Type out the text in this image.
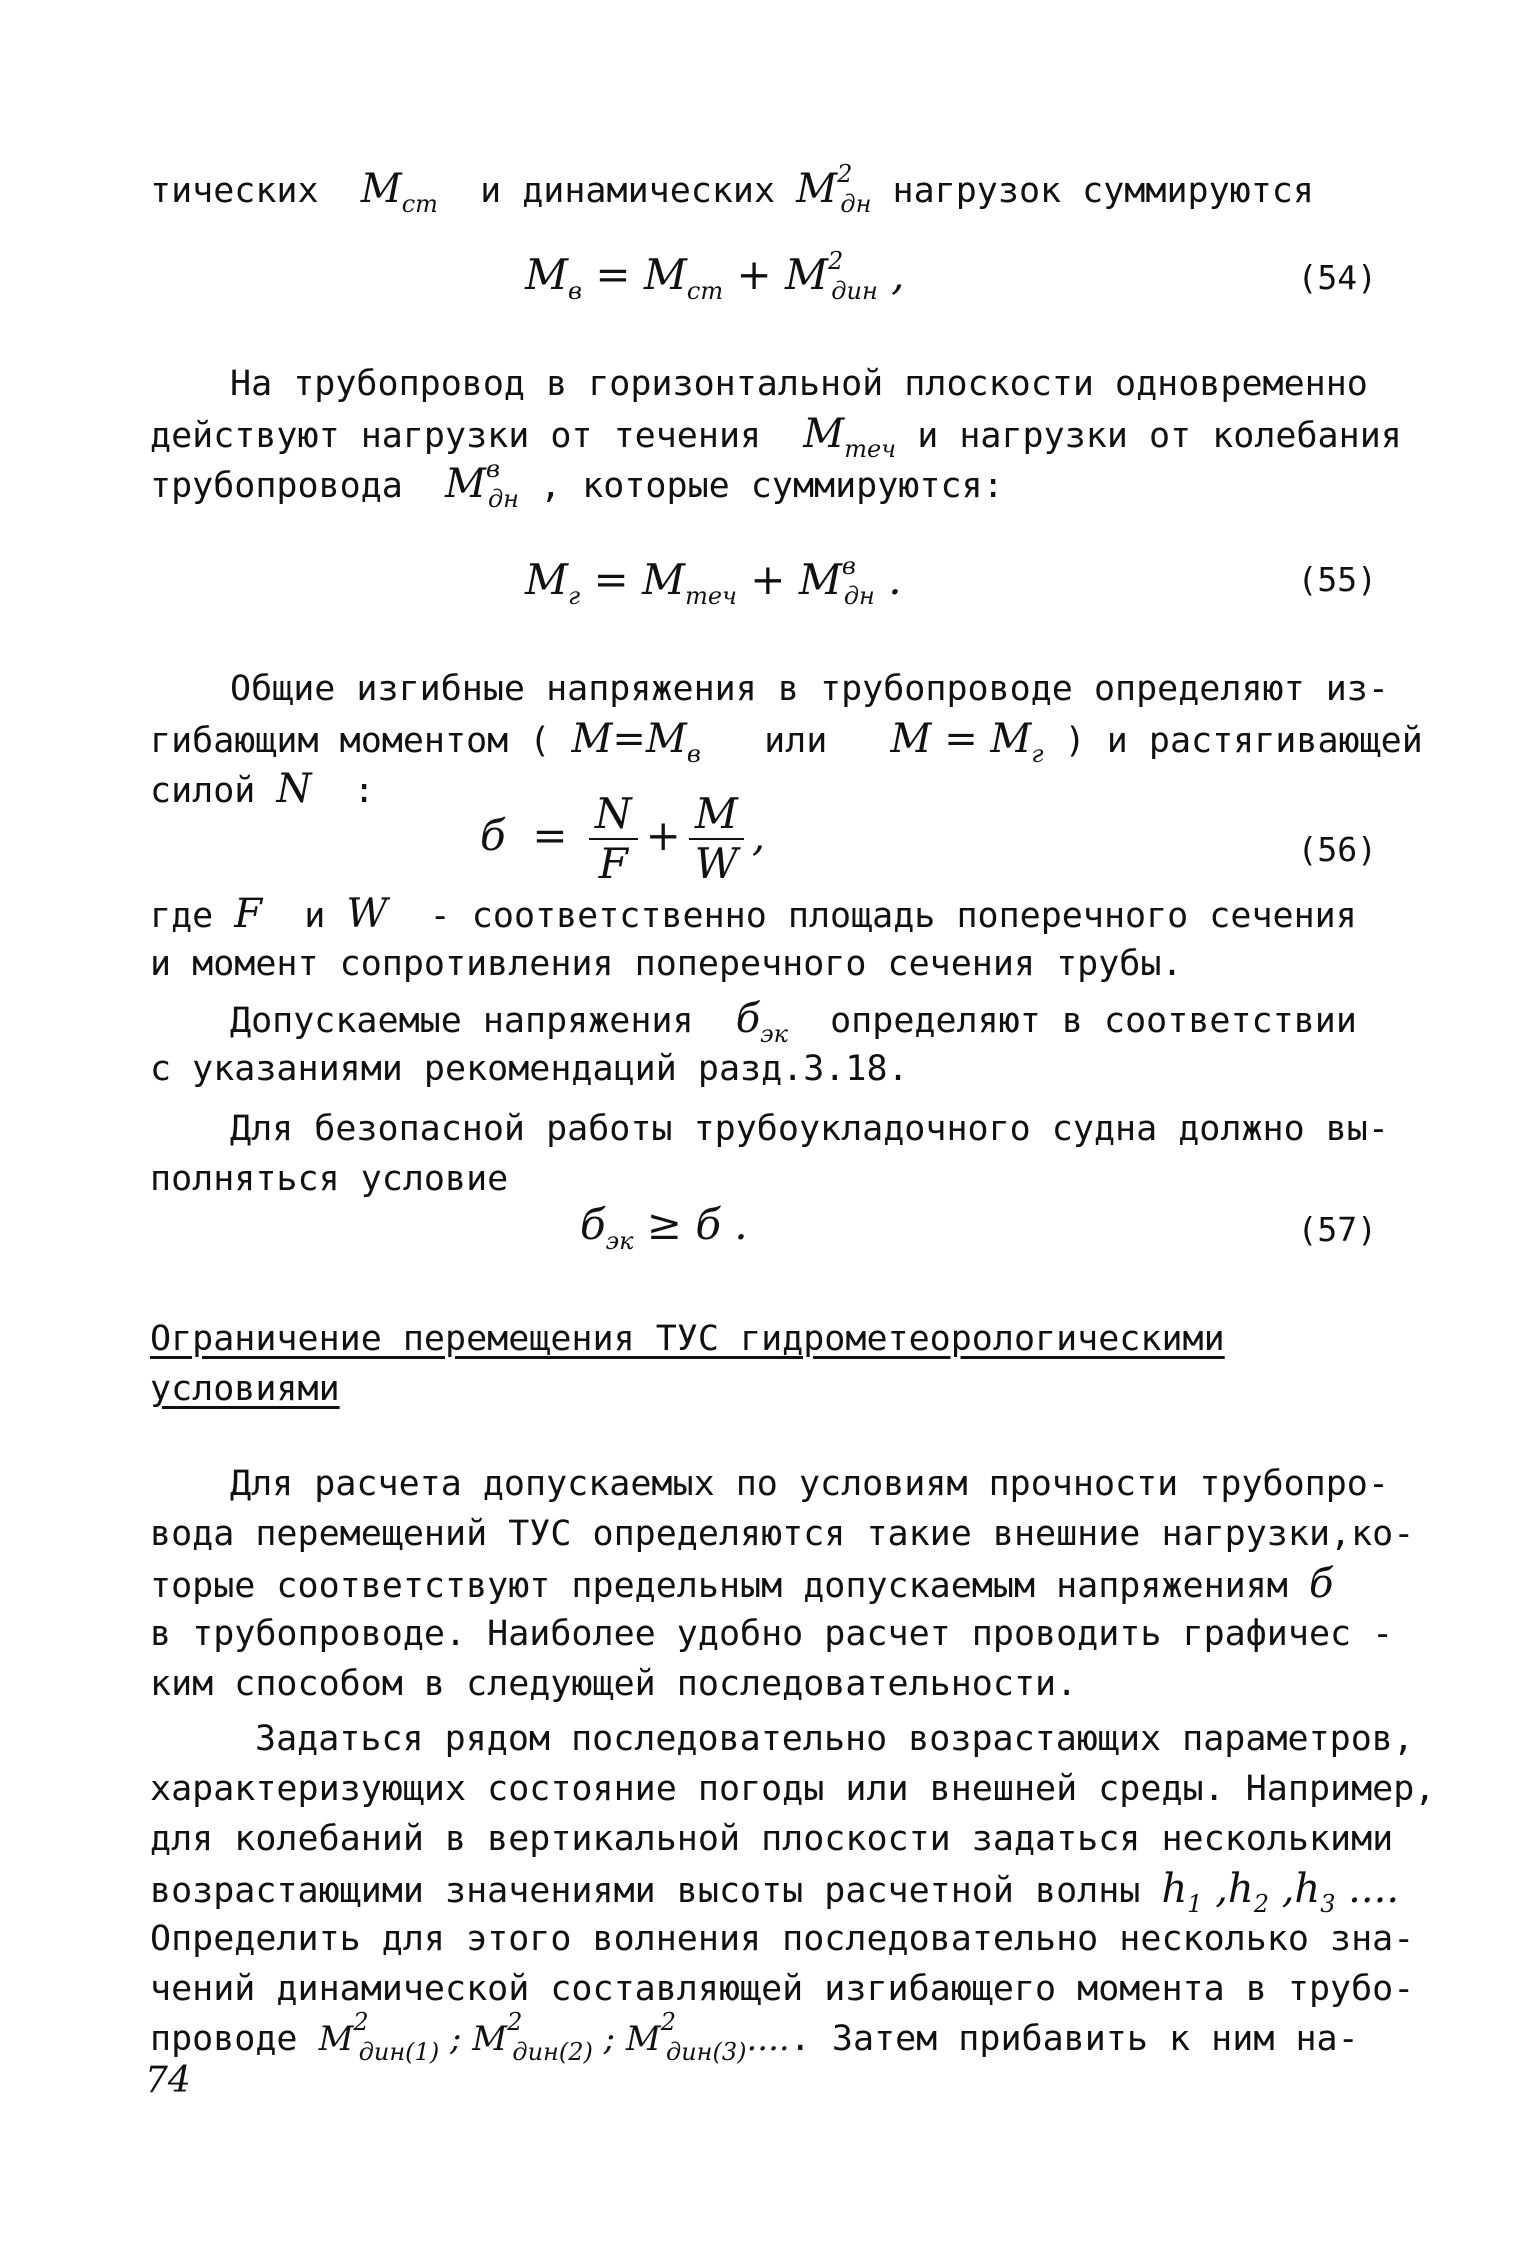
тических $M_{ст}$ и динамических $M^2_{дн}$ нагрузок суммируются
$M_в = M_{ст} + M^2_{дин}$ ,	(54)
На трубопровод в горизонтальной плоскости одновременно
действуют нагрузки от течения $M_{теч}$ и нагрузки от колебания
трубопровода $M^в_{дн}$ , которые суммируются:
$M_г = M_{теч} + M^в_{дн}$ .	(55)
Общие изгибные напряжения в трубопроводе определяют из-
гибающим моментом ( $M=M_в$ или $M = M_г$ ) и растягивающей
силой N  :
$б = \frac{N}{F} + \frac{M}{W}$ ,	(56)
где F и W - соответственно площадь поперечного сечения
и момент сопротивления поперечного сечения трубы.
Допускаемые напряжения $б_{эк}$ определяют в соответствии
с указаниями рекомендаций разд.3.18.
Для безопасной работы трубоукладочного судна должно вы-
полняться условие
$б_{эк} \ge б$ .	(57)
Ограничение перемещения ТУС гидрометеорологическими
условиями
Для расчета допускаемых по условиям прочности трубопро-
вода перемещений ТУС определяются такие внешние нагрузки,ко-
торые соответствуют предельным допускаемым напряжениям б
в трубопроводе. Наиболее удобно расчет проводить графичес -
ким способом в следующей последовательности.
Задаться рядом последовательно возрастающих параметров,
характеризующих состояние погоды или внешней среды. Например,
для колебаний в вертикальной плоскости задаться несколькими
возрастающими значениями высоты расчетной волны $h_1$ $,h_2$ $,h_3$ ....
Определить для этого волнения последовательно несколько зна-
чений динамической составляющей изгибающего момента в трубо-
проводе $M^2_{дин(1)}$ ; $M^2_{дин(2)}$ ; $M^2_{дин(3)}$..... Затем прибавить к ним на-
74
